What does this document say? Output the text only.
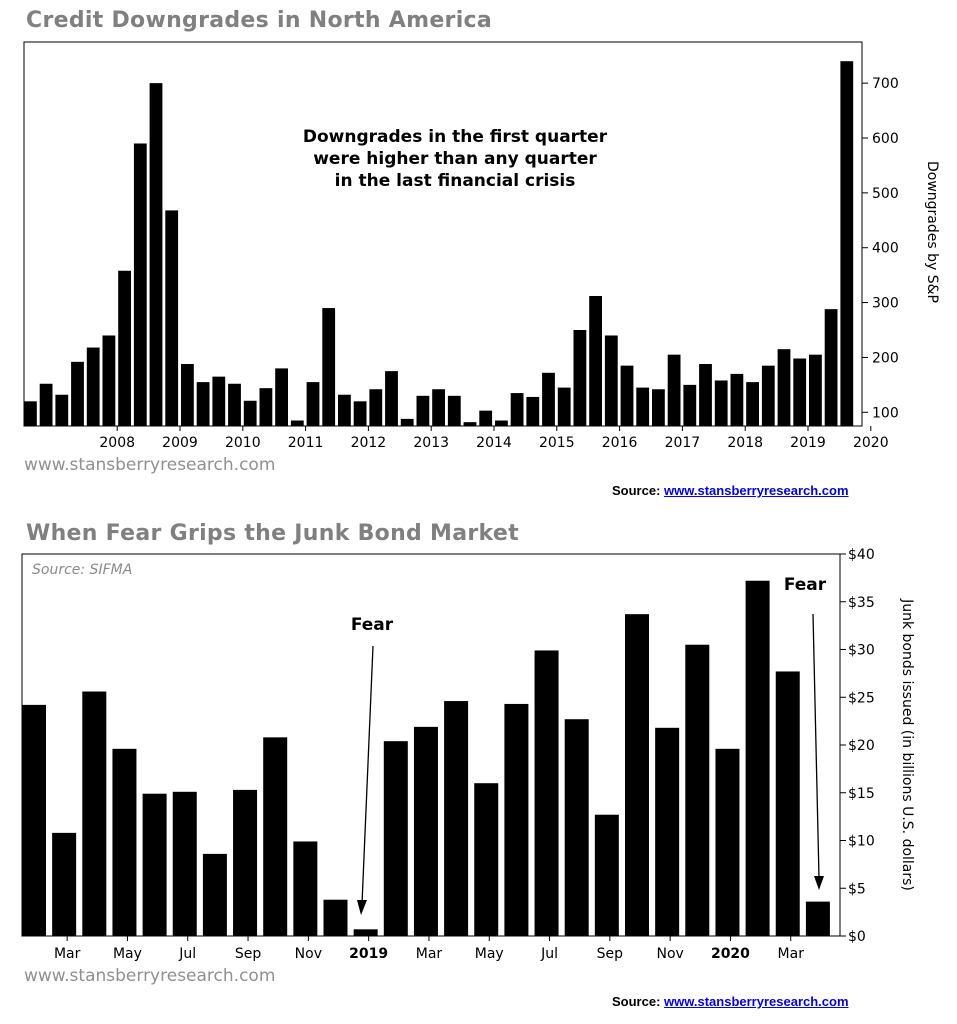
Credit Downgrades in North America
100
200
300
400
500
600
700
2008 2009 2010 2011 2012 2013 2014 2015 2016 2017 2018 2019 2020
Downgrades by S&P
Downgrades in the first quarter
were higher than any quarter
in the last financial crisis
www.stansberryresearch.com
Source: www.stansberryresearch.com
When Fear Grips the Junk Bond Market
Source: SIFMA
$0
$5
$10
$15
$20
$25
$30
$35
$40
Mar May	Jul	Sep Nov 2019 Mar May	Jul	Sep Nov 2020 Mar
Junk bonds issued (in billions U.S. dollars)
Fear
Fear
www.stansberryresearch.com
Source: www.stansberryresearch.com
